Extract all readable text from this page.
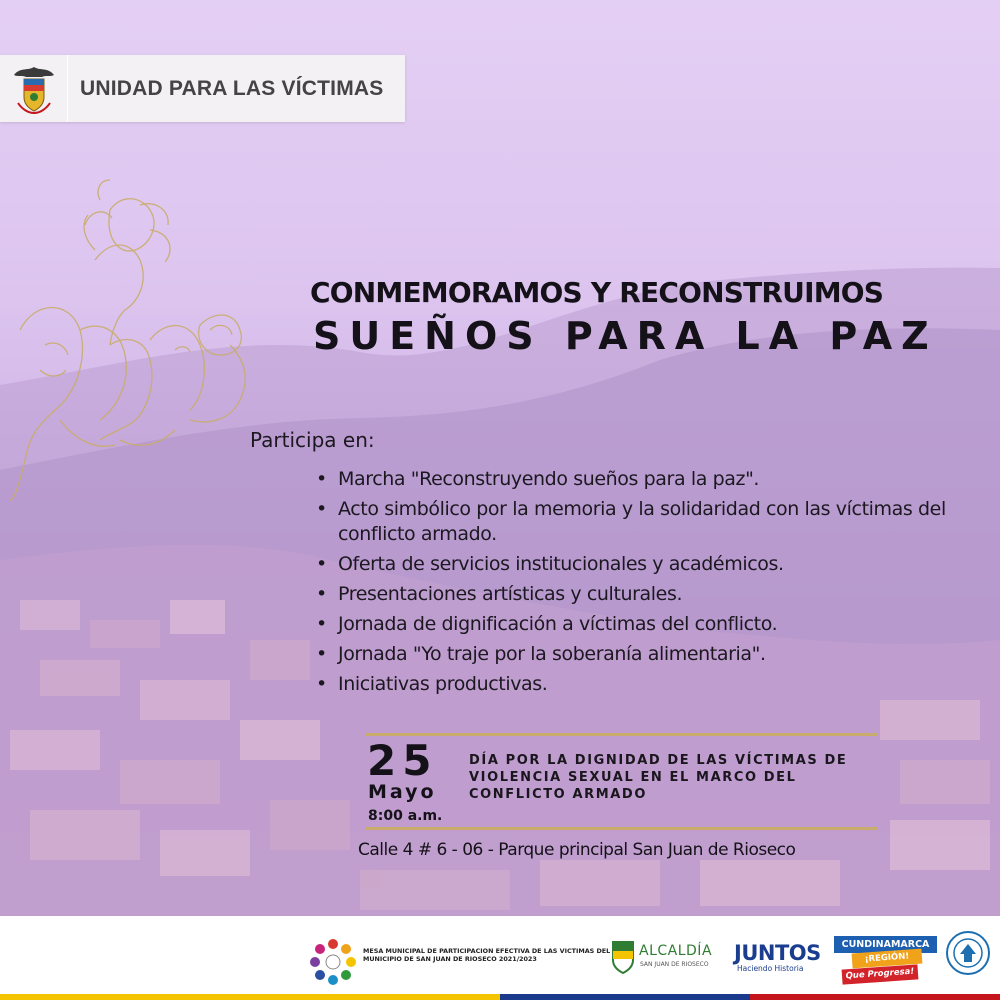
UNIDAD PARA LAS VÍCTIMAS
CONMEMORAMOS Y RECONSTRUIMOS
SUEÑOS PARA LA PAZ
Participa en:
• Marcha "Reconstruyendo sueños para la paz".
• Acto simbólico por la memoria y la solidaridad con las víctimas del conflicto armado.
• Oferta de servicios institucionales y académicos.
• Presentaciones artísticas y culturales.
• Jornada de dignificación a víctimas del conflicto.
• Jornada "Yo traje por la soberanía alimentaria".
• Iniciativas productivas.
25
Mayo
8:00 a.m.

DÍA POR LA DIGNIDAD DE LAS VÍCTIMAS DE VIOLENCIA SEXUAL EN EL MARCO DEL CONFLICTO ARMADO

Calle 4 # 6 - 06 - Parque principal San Juan de Rioseco
MESA MUNICIPAL DE PARTICIPACION EFECTIVA DE LAS VICTIMAS DEL MUNICIPIO DE SAN JUAN DE RIOSECO 2021/2023	ALCALDÍA
SAN JUAN DE RIOSECO JUNTOS
Haciendo Historia
CUNDINAMARCA
¡REGIÓN!
Que Progresa!
